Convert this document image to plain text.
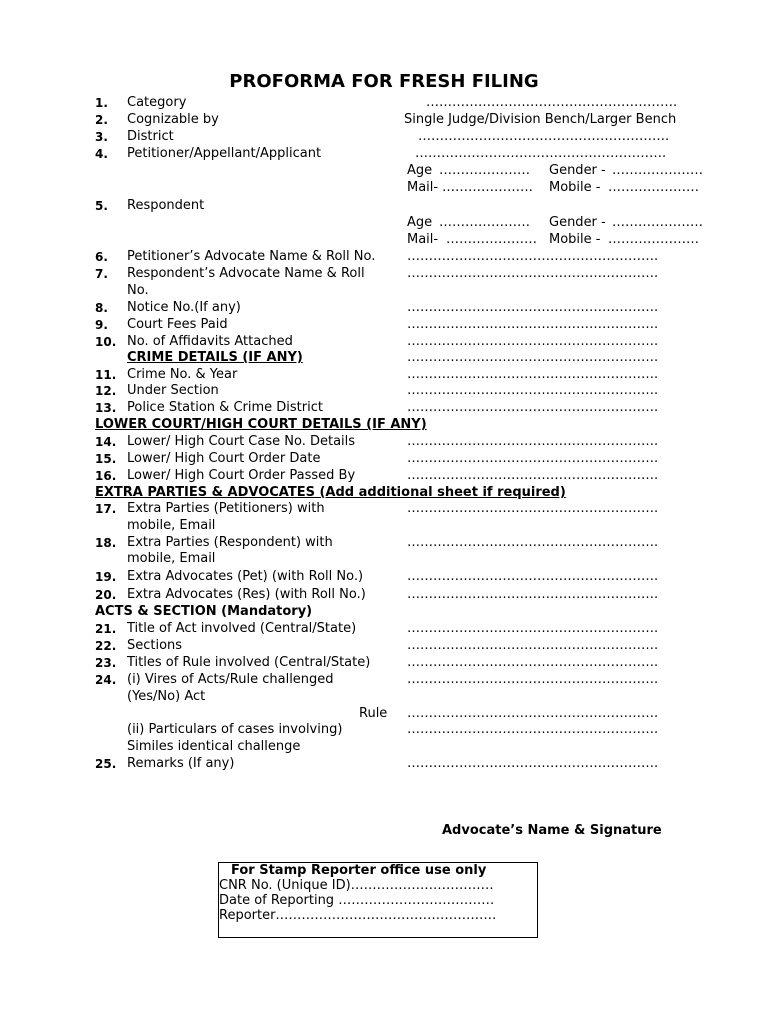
PROFORMA FOR FRESH FILING
1. Category	………………………………………………….
2. Cognizable by	Single Judge/Division Bench/Larger Bench
3. District	………………………………………………….
4. Petitioner/Appellant/Applicant	………………………………………………….
Age ………………… Gender - …………………
Mail- ………………… Mobile - …………………
5. Respondent
Age ………………… Gender - …………………
Mail- ………………… Mobile - …………………
6. Petitioner’s Advocate Name & Roll No. ………………………………………………….
7. Respondent’s Advocate Name & Roll
No.
………………………………………………….
8. Notice No.(If any)	………………………………………………….
9. Court Fees Paid	………………………………………………….
10. No. of Affidavits Attached	………………………………………………….
CRIME DETAILS (IF ANY)	………………………………………………….
11. Crime No. & Year	………………………………………………….
12. Under Section	………………………………………………….
13. Police Station & Crime District	………………………………………………….
LOWER COURT/HIGH COURT DETAILS (IF ANY)
14. Lower/ High Court Case No. Details	………………………………………………….
15. Lower/ High Court Order Date	………………………………………………….
16. Lower/ High Court Order Passed By	………………………………………………….
EXTRA PARTIES & ADVOCATES (Add additional sheet if required)
17. Extra Parties (Petitioners) with
mobile, Email
………………………………………………….
18. Extra Parties (Respondent) with
mobile, Email
………………………………………………….
19. Extra Advocates (Pet) (with Roll No.)	………………………………………………….
20. Extra Advocates (Res) (with Roll No.)	………………………………………………….
ACTS & SECTION (Mandatory)
21. Title of Act involved (Central/State)	………………………………………………….
22. Sections	………………………………………………….
23. Titles of Rule involved (Central/State)	………………………………………………….
24. (i) Vires of Acts/Rule challenged
(Yes/No) Act
………………………………………………….
Rule ………………………………………………….
(ii) Particulars of cases involving)
Similes identical challenge
………………………………………………….
25. Remarks (If any)	………………………………………………….
Advocate’s Name & Signature
For Stamp Reporter office use only
CNR No. (Unique ID)……………………………
Date of Reporting ………………………………
Reporter……………………………………………
